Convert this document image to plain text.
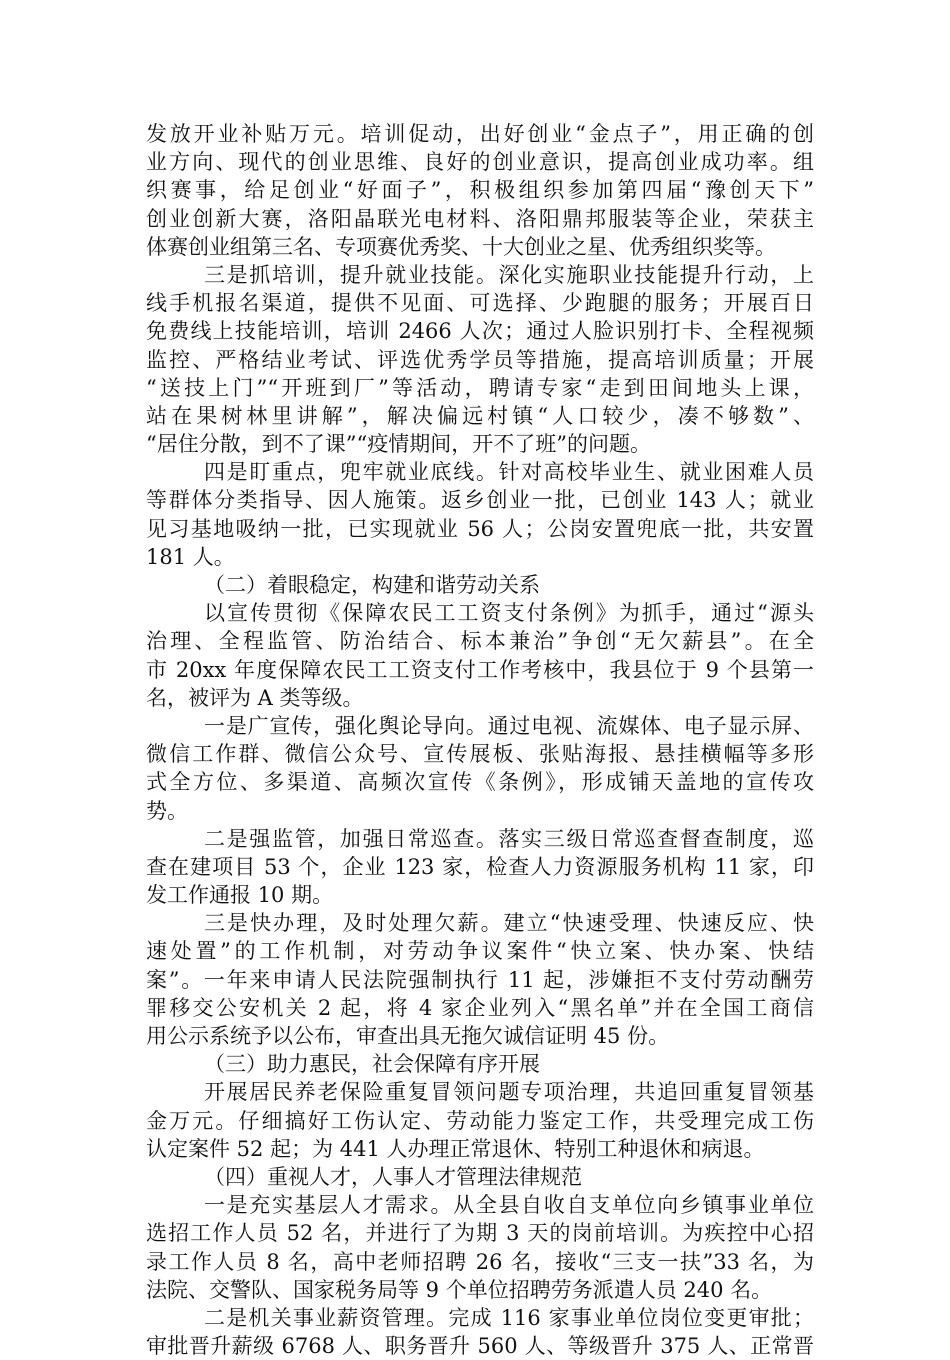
发放开业补贴万元。培训促动，出好创业“金点子”，用正确的创
业方向、现代的创业思维、良好的创业意识，提高创业成功率。组
织赛事，给足创业“好面子”，积极组织参加第四届“豫创天下”
创业创新大赛，洛阳晶联光电材料、洛阳鼎邦服装等企业，荣获主
体赛创业组第三名、专项赛优秀奖、十大创业之星、优秀组织奖等。
三是抓培训，提升就业技能。深化实施职业技能提升行动，上
线手机报名渠道，提供不见面、可选择、少跑腿的服务；开展百日
免费线上技能培训，培训 2466 人次；通过人脸识别打卡、全程视频
监控、严格结业考试、评选优秀学员等措施，提高培训质量；开展
“送技上门”“开班到厂”等活动，聘请专家“走到田间地头上课，
站在果树林里讲解”，解决偏远村镇“人口较少，凑不够数”、
“居住分散，到不了课”“疫情期间，开不了班”的问题。
四是盯重点，兜牢就业底线。针对高校毕业生、就业困难人员
等群体分类指导、因人施策。返乡创业一批，已创业 143 人；就业
见习基地吸纳一批，已实现就业 56 人；公岗安置兜底一批，共安置
181 人。
（二）着眼稳定，构建和谐劳动关系
以宣传贯彻《保障农民工工资支付条例》为抓手，通过“源头
治理、全程监管、防治结合、标本兼治”争创“无欠薪县”。在全
市 20xx 年度保障农民工工资支付工作考核中，我县位于 9 个县第一
名，被评为 A 类等级。
一是广宣传，强化舆论导向。通过电视、流媒体、电子显示屏、
微信工作群、微信公众号、宣传展板、张贴海报、悬挂横幅等多形
式全方位、多渠道、高频次宣传《条例》，形成铺天盖地的宣传攻
势。
二是强监管，加强日常巡查。落实三级日常巡查督查制度，巡
查在建项目 53 个，企业 123 家，检查人力资源服务机构 11 家，印
发工作通报 10 期。
三是快办理，及时处理欠薪。建立“快速受理、快速反应、快
速处置”的工作机制，对劳动争议案件“快立案、快办案、快结
案”。一年来申请人民法院强制执行 11 起，涉嫌拒不支付劳动酬劳
罪移交公安机关 2 起，将 4 家企业列入“黑名单”并在全国工商信
用公示系统予以公布，审查出具无拖欠诚信证明 45 份。
（三）助力惠民，社会保障有序开展
开展居民养老保险重复冒领问题专项治理，共追回重复冒领基
金万元。仔细搞好工伤认定、劳动能力鉴定工作，共受理完成工伤
认定案件 52 起；为 441 人办理正常退休、特别工种退休和病退。
（四）重视人才，人事人才管理法律规范
一是充实基层人才需求。从全县自收自支单位向乡镇事业单位
选招工作人员 52 名，并进行了为期 3 天的岗前培训。为疾控中心招
录工作人员 8 名，高中老师招聘 26 名，接收“三支一扶”33 名，为
法院、交警队、国家税务局等 9 个单位招聘劳务派遣人员 240 名。
二是机关事业薪资管理。完成 116 家事业单位岗位变更审批；
审批晋升薪级 6768 人、职务晋升 560 人、等级晋升 375 人、正常晋
